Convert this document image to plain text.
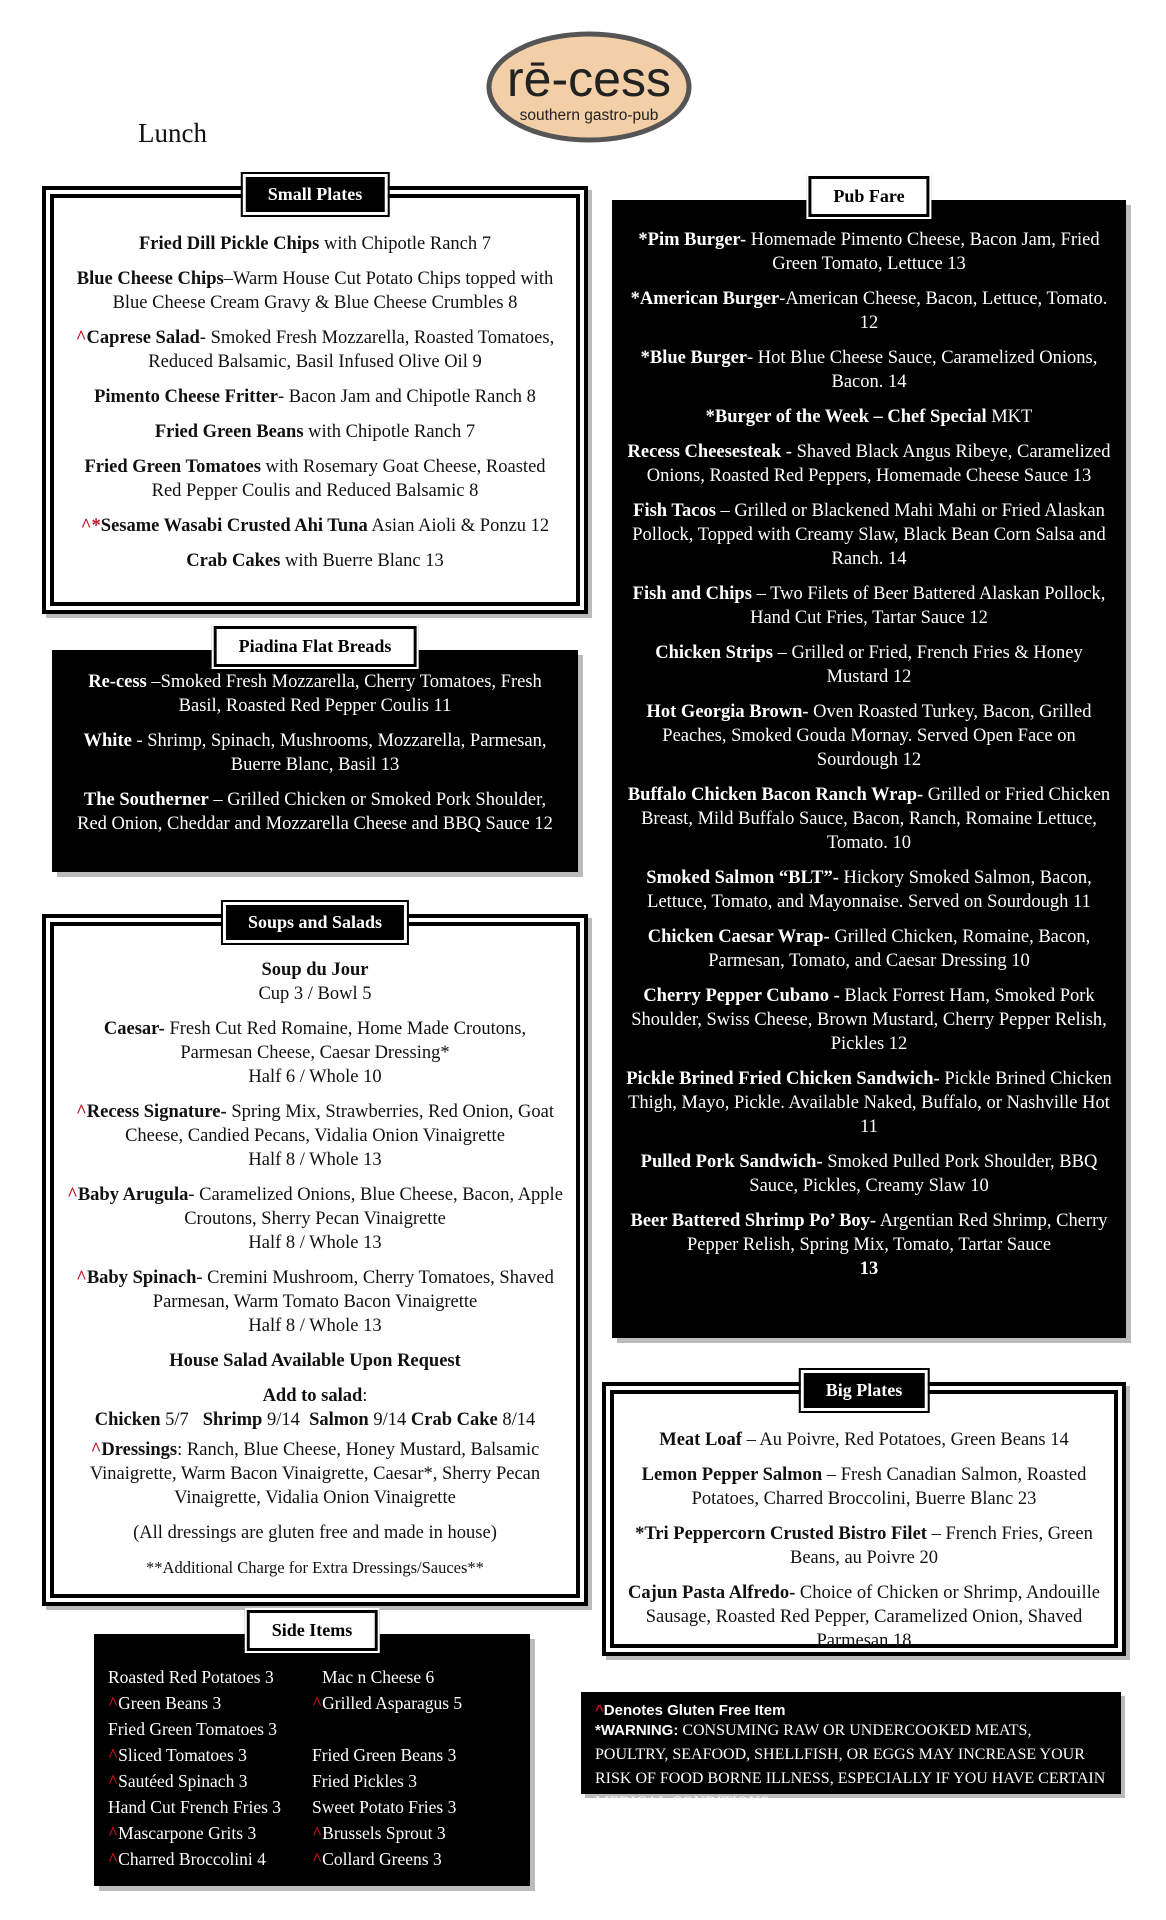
rē-cess
southern gastro-pub
Lunch
Small Plates

Fried Dill Pickle Chips with Chipotle Ranch 7

Blue Cheese Chips–Warm House Cut Potato Chips topped with Blue Cheese Cream Gravy & Blue Cheese Crumbles 8

^Caprese Salad- Smoked Fresh Mozzarella, Roasted Tomatoes, Reduced Balsamic, Basil Infused Olive Oil 9

Pimento Cheese Fritter- Bacon Jam and Chipotle Ranch 8

Fried Green Beans with Chipotle Ranch 7

Fried Green Tomatoes with Rosemary Goat Cheese, Roasted Red Pepper Coulis and Reduced Balsamic 8

^*Sesame Wasabi Crusted Ahi Tuna Asian Aioli & Ponzu 12

Crab Cakes with Buerre Blanc 13

Piadina Flat Breads

Re-cess –Smoked Fresh Mozzarella, Cherry Tomatoes, Fresh Basil, Roasted Red Pepper Coulis 11

White - Shrimp, Spinach, Mushrooms, Mozzarella, Parmesan, Buerre Blanc, Basil 13

The Southerner – Grilled Chicken or Smoked Pork Shoulder, Red Onion, Cheddar and Mozzarella Cheese and BBQ Sauce 12

Soups and Salads

Soup du Jour
Cup 3 / Bowl 5

Caesar- Fresh Cut Red Romaine, Home Made Croutons, Parmesan Cheese, Caesar Dressing*
Half 6 / Whole 10

^Recess Signature- Spring Mix, Strawberries, Red Onion, Goat Cheese, Candied Pecans, Vidalia Onion Vinaigrette
Half 8 / Whole 13

^Baby Arugula- Caramelized Onions, Blue Cheese, Bacon, Apple Croutons, Sherry Pecan Vinaigrette
Half 8 / Whole 13

^Baby Spinach- Cremini Mushroom, Cherry Tomatoes, Shaved Parmesan, Warm Tomato Bacon Vinaigrette
Half 8 / Whole 13

House Salad Available Upon Request

Add to salad:
Chicken 5/7 Shrimp 9/14 Salmon 9/14 Crab Cake 8/14

^Dressings: Ranch, Blue Cheese, Honey Mustard, Balsamic Vinaigrette, Warm Bacon Vinaigrette, Caesar*, Sherry Pecan Vinaigrette, Vidalia Onion Vinaigrette

(All dressings are gluten free and made in house)

**Additional Charge for Extra Dressings/Sauces**

Side Items
Roasted Red Potatoes 3
^Green Beans 3
Fried Green Tomatoes 3
^Sliced Tomatoes 3
^Sautéed Spinach 3
Hand Cut French Fries 3
^Mascarpone Grits 3
^Charred Broccolini 4
Mac n Cheese 6
^Grilled Asparagus 5
Fried Green Beans 3
Fried Pickles 3
Sweet Potato Fries 3
^Brussels Sprout 3
^Collard Greens 3
Pub Fare

*Pim Burger- Homemade Pimento Cheese, Bacon Jam, Fried Green Tomato, Lettuce 13

*American Burger-American Cheese, Bacon, Lettuce, Tomato. 12

*Blue Burger- Hot Blue Cheese Sauce, Caramelized Onions, Bacon. 14

*Burger of the Week – Chef Special MKT

Recess Cheesesteak - Shaved Black Angus Ribeye, Caramelized Onions, Roasted Red Peppers, Homemade Cheese Sauce 13

Fish Tacos – Grilled or Blackened Mahi Mahi or Fried Alaskan Pollock, Topped with Creamy Slaw, Black Bean Corn Salsa and Ranch. 14

Fish and Chips – Two Filets of Beer Battered Alaskan Pollock, Hand Cut Fries, Tartar Sauce 12

Chicken Strips – Grilled or Fried, French Fries & Honey Mustard 12

Hot Georgia Brown- Oven Roasted Turkey, Bacon, Grilled Peaches, Smoked Gouda Mornay. Served Open Face on Sourdough 12

Buffalo Chicken Bacon Ranch Wrap- Grilled or Fried Chicken Breast, Mild Buffalo Sauce, Bacon, Ranch, Romaine Lettuce, Tomato. 10

Smoked Salmon “BLT”- Hickory Smoked Salmon, Bacon, Lettuce, Tomato, and Mayonnaise. Served on Sourdough 11

Chicken Caesar Wrap- Grilled Chicken, Romaine, Bacon, Parmesan, Tomato, and Caesar Dressing 10

Cherry Pepper Cubano - Black Forrest Ham, Smoked Pork Shoulder, Swiss Cheese, Brown Mustard, Cherry Pepper Relish, Pickles 12

Pickle Brined Fried Chicken Sandwich- Pickle Brined Chicken Thigh, Mayo, Pickle. Available Naked, Buffalo, or Nashville Hot 11

Pulled Pork Sandwich- Smoked Pulled Pork Shoulder, BBQ Sauce, Pickles, Creamy Slaw 10

Beer Battered Shrimp Po’ Boy- Argentian Red Shrimp, Cherry Pepper Relish, Spring Mix, Tomato, Tartar Sauce
13

Big Plates

Meat Loaf – Au Poivre, Red Potatoes, Green Beans 14

Lemon Pepper Salmon – Fresh Canadian Salmon, Roasted Potatoes, Charred Broccolini, Buerre Blanc 23

*Tri Peppercorn Crusted Bistro Filet – French Fries, Green Beans, au Poivre 20

Cajun Pasta Alfredo- Choice of Chicken or Shrimp, Andouille Sausage, Roasted Red Pepper, Caramelized Onion, Shaved Parmesan 18

^Denotes Gluten Free Item
*WARNING: CONSUMING RAW OR UNDERCOOKED MEATS, POULTRY, SEAFOOD, SHELLFISH, OR EGGS MAY INCREASE YOUR RISK OF FOOD BORNE ILLNESS, ESPECIALLY IF YOU HAVE CERTAIN MEDICAL CONDITIONS.
